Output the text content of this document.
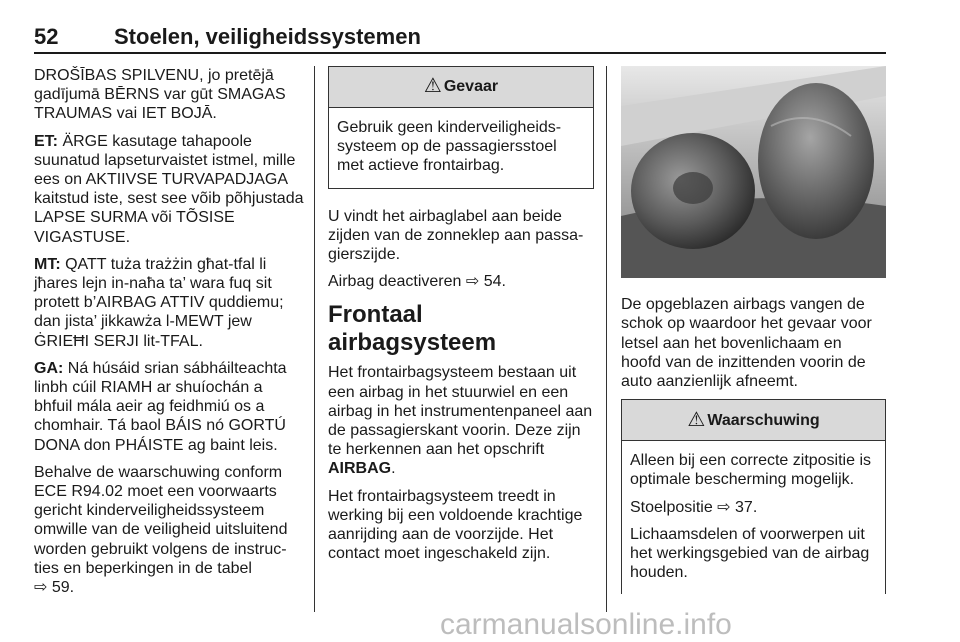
52	Stoelen, veiligheidssystemen

DROŠĪBAS SPILVENU, jo pretējā gadījumā BĒRNS var gūt SMAGAS TRAUMAS vai IET BOJĀ.

ET: ÄRGE kasutage tahapoole suunatud lapseturvaistet istmel, mille ees on AKTIIVSE TURVAPADJAGA kaitstud iste, sest see võib põhjustada LAPSE SURMA või TÕSISE VIGASTUSE.

MT: QATT tuża trażżin għat-tfal li jħares lejn in-naħa ta’ wara fuq sit protett b’AIRBAG ATTIV quddiemu; dan jista’ jikkawża l-MEWT jew ĠRIEĦI SERJI lit-TFAL.

GA: Ná húsáid srian sábháilteachta linbh cúil RIAMH ar shuíochán a bhfuil mála aeir ag feidhmiú os a chomhair. Tá baol BÁIS nó GORTÚ DONA don PHÁISTE ag baint leis.

Behalve de waarschuwing conform ECE R94.02 moet een voorwaarts gericht kinderveiligheidssysteem omwille van de veiligheid uitsluitend worden gebruikt volgens de instructies en beperkingen in de tabel
⇨ 59.

⚠ Gevaar

Gebruik geen kinderveiligheidssysteem op de passagiersstoel met actieve frontairbag.

U vindt het airbaglabel aan beide zijden van de zonneklep aan passagierszijde.

Airbag deactiveren ⇨ 54.

Frontaal airbagsysteem

Het frontairbagsysteem bestaan uit een airbag in het stuurwiel en een airbag in het instrumentenpaneel aan de passagierskant voorin. Deze zijn te herkennen aan het opschrift
AIRBAG.

Het frontairbagsysteem treedt in werking bij een voldoende krachtige aanrijding aan de voorzijde. Het contact moet ingeschakeld zijn.

De opgeblazen airbags vangen de schok op waardoor het gevaar voor letsel aan het bovenlichaam en hoofd van de inzittenden voorin de auto aanzienlijk afneemt.

⚠ Waarschuwing

Alleen bij een correcte zitpositie is optimale bescherming mogelijk.

Stoelpositie ⇨ 37.

Lichaamsdelen of voorwerpen uit het werkingsgebied van de airbag houden.

carmanualsonline.info
